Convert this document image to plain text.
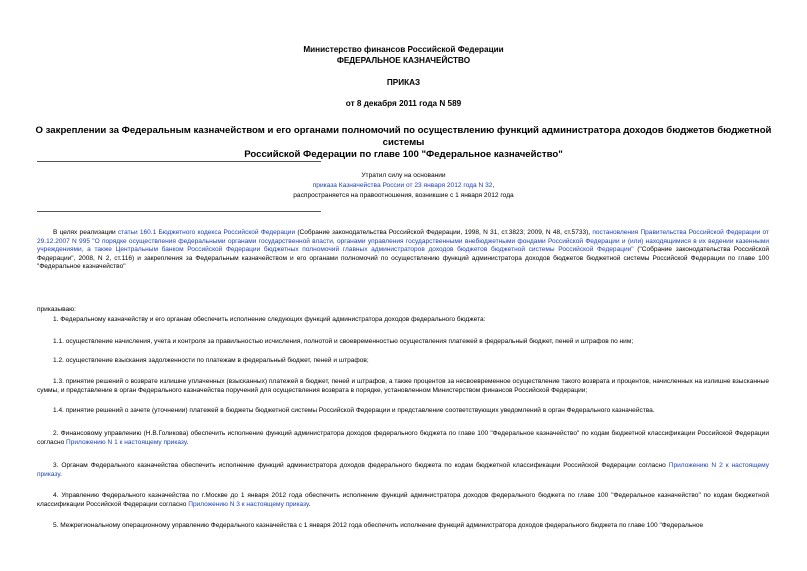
Министерство финансов Российской Федерации
ФЕДЕРАЛЬНОЕ КАЗНАЧЕЙСТВО
ПРИКАЗ
от 8 декабря 2011 года N 589
О закреплении за Федеральным казначейством и его органами полномочий по осуществлению функций администратора доходов бюджетов бюджетной системы
Российской Федерации по главе 100 "Федеральное казначейство"
Утратил силу на основании
приказа Казначейства России от 23 января 2012 года N 32,
распространяется на правоотношения, возникшие с 1 января 2012 года
В целях реализации статьи 160.1 Бюджетного кодекса Российской Федерации (Собрание законодательства Российской Федерации, 1998, N 31, ст.3823; 2009, N 48, ст.5733), постановления Правительства Российской Федерации от 29.12.2007 N 995 "О порядке осуществления федеральными органами государственной власти, органами управления государственными внебюджетными фондами Российской Федерации и (или) находящимися в их ведении казенными учреждениями, а также Центральным банком Российской Федерации бюджетных полномочий главных администраторов доходов бюджетов бюджетной системы Российской Федерации" ("Собрание законодательства Российской Федерации", 2008, N 2, ст.116) и закрепления за Федеральным казначейством и его органами полномочий по осуществлению функций администратора доходов бюджетов бюджетной системы Российской Федерации по главе 100 "Федеральное казначейство"
приказываю:
1. Федеральному казначейству и его органам обеспечить исполнение следующих функций администратора доходов федерального бюджета:
1.1. осуществление начисления, учета и контроля за правильностью исчисления, полнотой и своевременностью осуществления платежей в федеральный бюджет, пеней и штрафов по ним;
1.2. осуществление взыскания задолженности по платежам в федеральный бюджет, пеней и штрафов;
1.3. принятие решений о возврате излишне уплаченных (взысканных) платежей в бюджет, пеней и штрафов, а также процентов за несвоевременное осуществление такого возврата и процентов, начисленных на излишне взысканные суммы, и представление в орган Федерального казначейства поручений для осуществления возврата в порядке, установленном Министерством финансов Российской Федерации;
1.4. принятие решений о зачете (уточнении) платежей в бюджеты бюджетной системы Российской Федерации и представление соответствующих уведомлений в орган Федерального казначейства.
2. Финансовому управлению (Н.В.Голикова) обеспечить исполнение функций администратора доходов федерального бюджета по главе 100 "Федеральное казначейство" по кодам бюджетной классификации Российской Федерации согласно Приложению N 1 к настоящему приказу.
3. Органам Федерального казначейства обеспечить исполнение функций администратора доходов федерального бюджета по кодам бюджетной классификации Российской Федерации согласно Приложению N 2 к настоящему приказу.
4. Управлению Федерального казначейства по г.Москве до 1 января 2012 года обеспечить исполнение функций администратора доходов федерального бюджета по главе 100 "Федеральное казначейство" по кодам бюджетной классификации Российской Федерации согласно Приложению N 3 к настоящему приказу.
5. Межрегиональному операционному управлению Федерального казначейства с 1 января 2012 года обеспечить исполнение функций администратора доходов федерального бюджета по главе 100 "Федеральное
